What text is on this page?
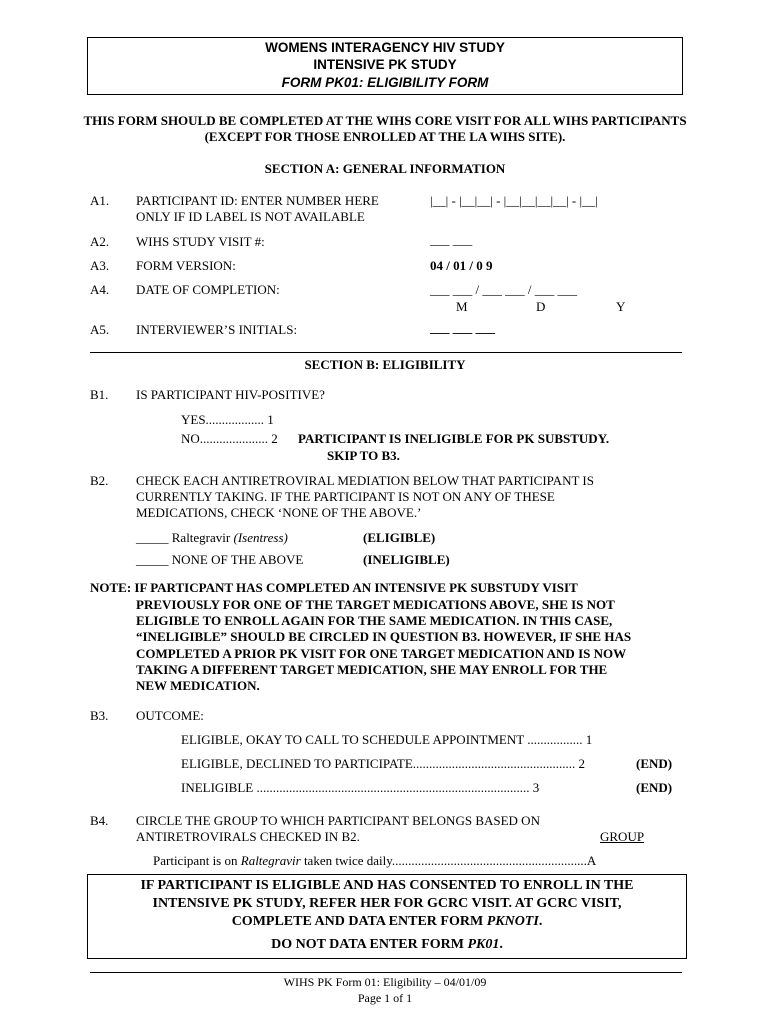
WOMENS INTERAGENCY HIV STUDY
INTENSIVE PK STUDY
FORM PK01: ELIGIBILITY FORM
THIS FORM SHOULD BE COMPLETED AT THE WIHS CORE VISIT FOR ALL WIHS PARTICIPANTS
(EXCEPT FOR THOSE ENROLLED AT THE LA WIHS SITE).
SECTION A: GENERAL INFORMATION
A1. PARTICIPANT ID: ENTER NUMBER HERE
ONLY IF ID LABEL IS NOT AVAILABLE
|__| - |__|__| - |__|__|__|__| - |__|
A2. WIHS STUDY VISIT #:	___ ___
A3. FORM VERSION:	04 / 01 / 0 9
A4. DATE OF COMPLETION:	___ ___ / ___ ___ / ___ ___
M	D	Y
A5. INTERVIEWER’S INITIALS:	___ ___ ___
SECTION B: ELIGIBILITY
B1. IS PARTICIPANT HIV-POSITIVE?
YES.................. 1
NO..................... 2 PARTICIPANT IS INELIGIBLE FOR PK SUBSTUDY.
SKIP TO B3.
B2. CHECK EACH ANTIRETROVIRAL MEDIATION BELOW THAT PARTICIPANT IS
CURRENTLY TAKING. IF THE PARTICIPANT IS NOT ON ANY OF THESE
MEDICATIONS, CHECK ‘NONE OF THE ABOVE.’
_____ Raltegravir (Isentress)	(ELIGIBLE)
_____ NONE OF THE ABOVE	(INELIGIBLE)
NOTE: IF PARTICPANT HAS COMPLETED AN INTENSIVE PK SUBSTUDY VISIT
PREVIOUSLY FOR ONE OF THE TARGET MEDICATIONS ABOVE, SHE IS NOT
ELIGIBLE TO ENROLL AGAIN FOR THE SAME MEDICATION. IN THIS CASE,
“INELIGIBLE” SHOULD BE CIRCLED IN QUESTION B3. HOWEVER, IF SHE HAS
COMPLETED A PRIOR PK VISIT FOR ONE TARGET MEDICATION AND IS NOW
TAKING A DIFFERENT TARGET MEDICATION, SHE MAY ENROLL FOR THE
NEW MEDICATION.
B3. OUTCOME:
ELIGIBLE, OKAY TO CALL TO SCHEDULE APPOINTMENT ................. 1
ELIGIBLE, DECLINED TO PARTICIPATE.................................................. 2	(END)
INELIGIBLE .................................................................................... 3	(END)
B4. CIRCLE THE GROUP TO WHICH PARTICIPANT BELONGS BASED ON
ANTIRETROVIRALS CHECKED IN B2.	GROUP
Participant is on Raltegravir taken twice daily............................................................A
IF PARTICIPANT IS ELIGIBLE AND HAS CONSENTED TO ENROLL IN THE
INTENSIVE PK STUDY, REFER HER FOR GCRC VISIT. AT GCRC VISIT,
COMPLETE AND DATA ENTER FORM PKNOTI.
DO NOT DATA ENTER FORM PK01.
WIHS PK Form 01: Eligibility – 04/01/09
Page 1 of 1
